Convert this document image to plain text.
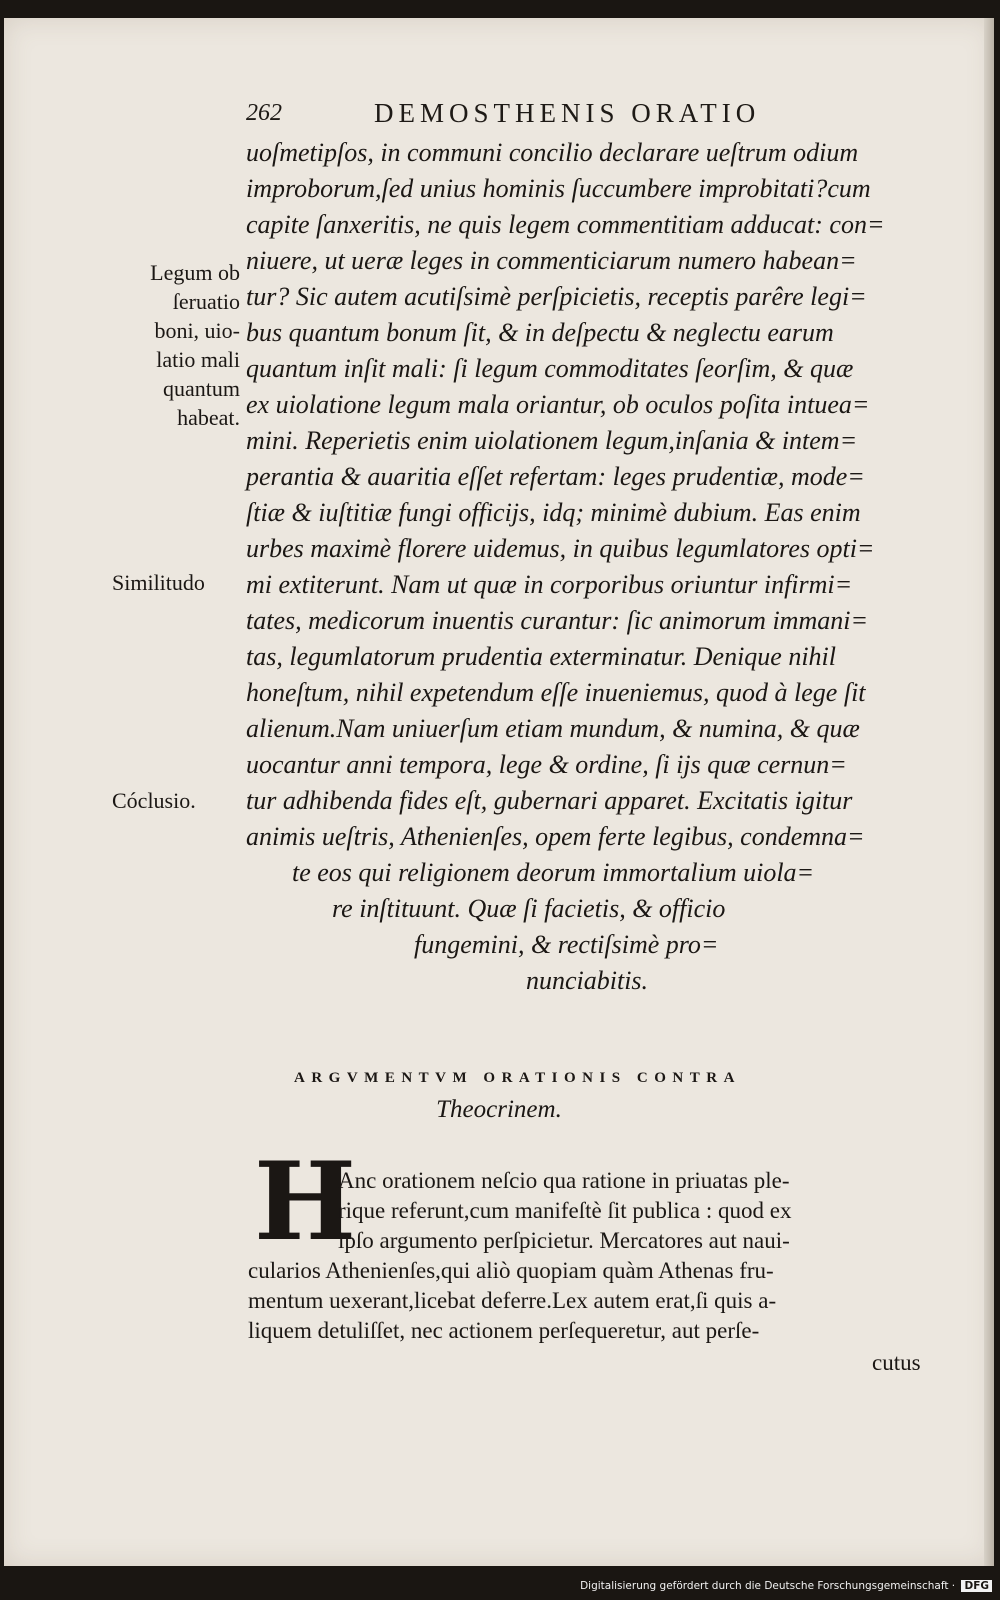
262	DEMOSTHENIS ORATIO
uoſmetipſos, in communi concilio declarare ueſtrum odium
improborum,ſed unius hominis ſuccumbere improbitati?cum
capite ſanxeritis, ne quis legem commentitiam adducat: con=
niuere, ut ueræ leges in commenticiarum numero habean=
tur? Sic autem acutiſsimè perſpicietis, receptis parêre legi=
bus quantum bonum ſit, & in deſpectu & neglectu earum
quantum inſit mali: ſi legum commoditates ſeorſim, & quæ
ex uiolatione legum mala oriantur, ob oculos poſita intuea=
mini. Reperietis enim uiolationem legum,inſania & intem=
perantia & auaritia eſſet refertam: leges prudentiæ, mode=
ſtiæ & iuſtitiæ fungi officijs, idq; minimè dubium. Eas enim
urbes maximè florere uidemus, in quibus legumlatores opti=
mi extiterunt. Nam ut quæ in corporibus oriuntur infirmi=
tates, medicorum inuentis curantur: ſic animorum immani=
tas, legumlatorum prudentia exterminatur. Denique nihil
honeſtum, nihil expetendum eſſe inueniemus, quod à lege ſit
alienum.Nam uniuerſum etiam mundum, & numina, & quæ
uocantur anni tempora, lege & ordine, ſi ijs quæ cernun=
tur adhibenda fides eſt, gubernari apparet. Excitatis igitur
animis ueſtris, Athenienſes, opem ferte legibus, condemna=
te eos qui religionem deorum immortalium uiola=
re inſtituunt. Quæ ſi facietis, & officio
fungemini, & rectiſsimè pro=
nunciabitis.
Legum ob
ſeruatio
boni, uio-
latio mali
quantum
habeat.
Similitudo
Cóclusio.
ARGVMENTVM ORATIONIS CONTRA
Theocrinem.
H
Anc orationem neſcio qua ratione in priuatas ple-
rique referunt,cum manifeſtè ſit publica : quod ex
ipſo argumento perſpicietur. Mercatores aut naui-
cularios Athenienſes,qui aliò quopiam quàm Athenas fru-
mentum uexerant,licebat deferre.Lex autem erat,ſi quis a-
liquem detuliſſet, nec actionem perſequeretur, aut perſe-
cutus
Digitalisierung gefördert durch die Deutsche Forschungsgemeinschaft · DFG
